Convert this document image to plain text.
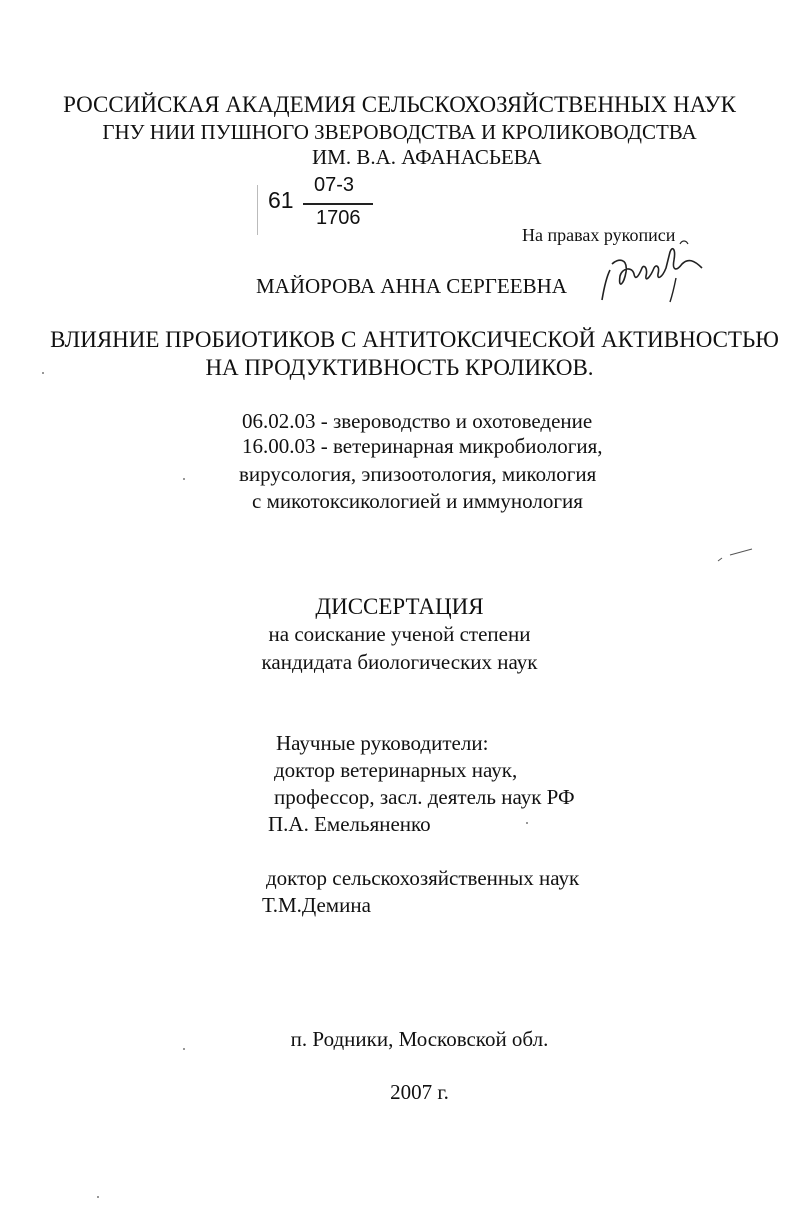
РОССИЙСКАЯ АКАДЕМИЯ СЕЛЬСКОХОЗЯЙСТВЕННЫХ НАУК
ГНУ НИИ ПУШНОГО ЗВЕРОВОДСТВА И КРОЛИКОВОДСТВА
ИМ. В.А. АФАНАСЬЕВА
61
07-3
1706
На правах рукописи
МАЙОРОВА АННА СЕРГЕЕВНА
ВЛИЯНИЕ ПРОБИОТИКОВ С АНТИТОКСИЧЕСКОЙ АКТИВНОСТЬЮ
НА ПРОДУКТИВНОСТЬ КРОЛИКОВ.
06.02.03 - звероводство и охотоведение
16.00.03 - ветеринарная микробиология,
вирусология, эпизоотология, микология
с микотоксикологией и иммунология
ДИССЕРТАЦИЯ
на соискание ученой степени
кандидата биологических наук
Научные руководители:
доктор ветеринарных наук,
профессор, засл. деятель наук РФ
П.А. Емельяненко
доктор сельскохозяйственных наук
Т.М.Демина
п. Родники, Московской обл.
2007 г.
